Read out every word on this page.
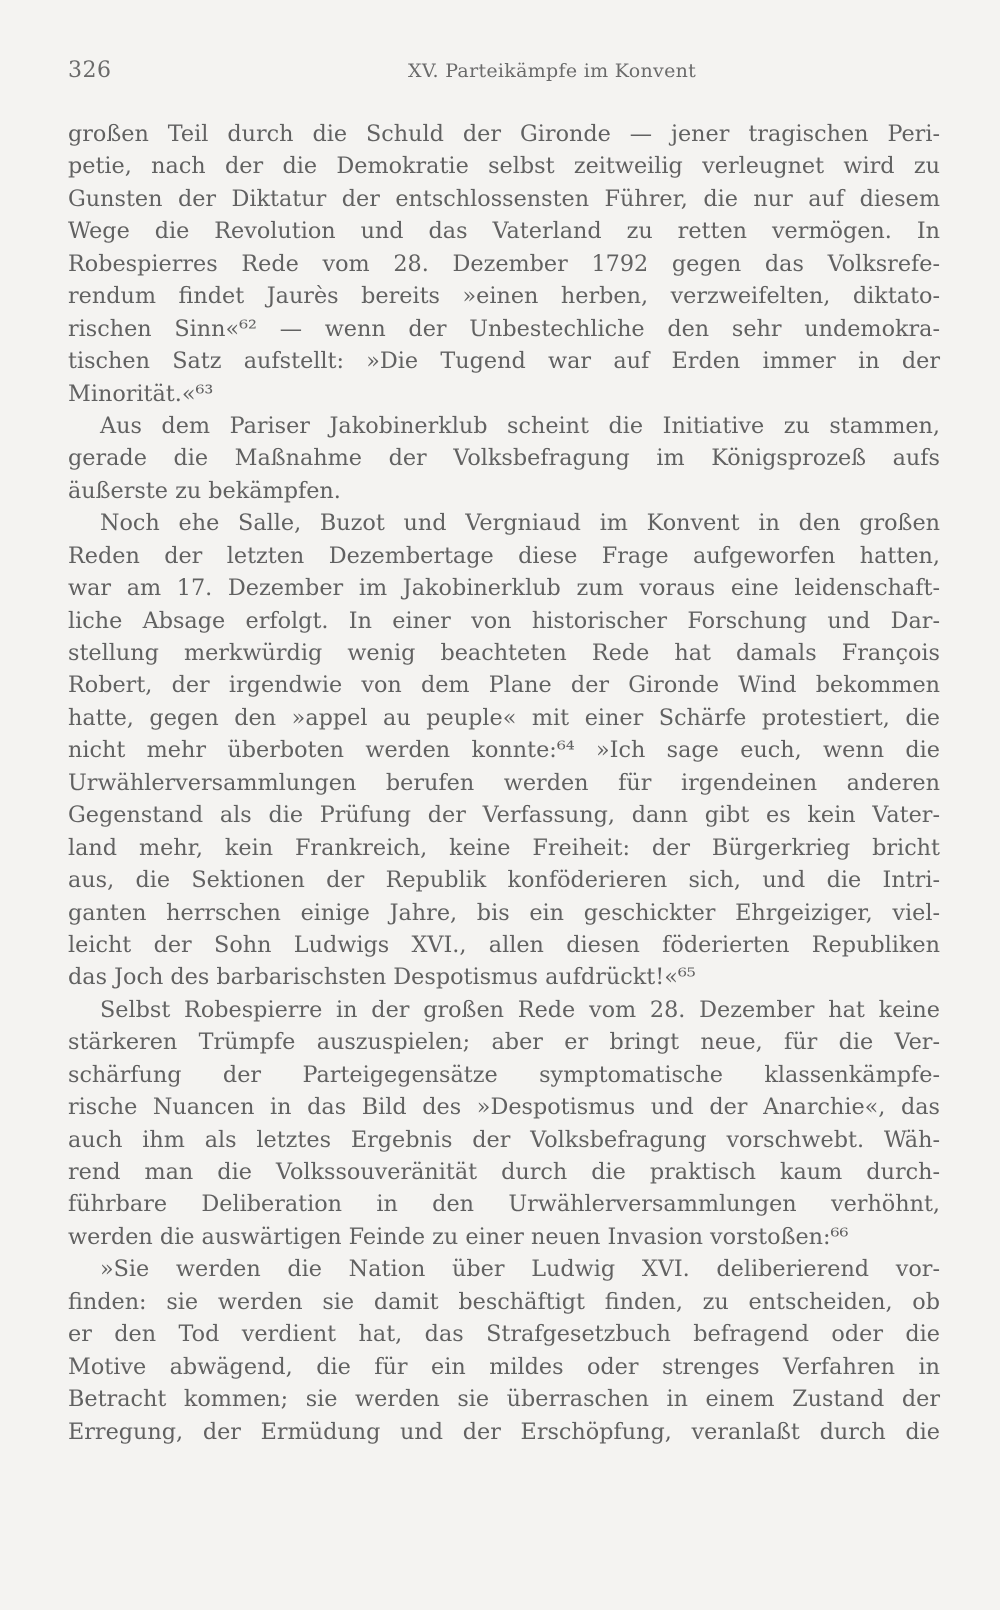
326	XV. Parteikämpfe im Konvent
großen Teil durch die Schuld der Gironde — jener tragischen Peri-
petie, nach der die Demokratie selbst zeitweilig verleugnet wird zu
Gunsten der Diktatur der entschlossensten Führer, die nur auf diesem
Wege die Revolution und das Vaterland zu retten vermögen. In
Robespierres Rede vom 28. Dezember 1792 gegen das Volksrefe-
rendum findet Jaurès bereits »einen herben, verzweifelten, diktato-
rischen Sinn«⁶² — wenn der Unbestechliche den sehr undemokra-
tischen Satz aufstellt: »Die Tugend war auf Erden immer in der
Minorität.«⁶³
Aus dem Pariser Jakobinerklub scheint die Initiative zu stammen,
gerade die Maßnahme der Volksbefragung im Königsprozeß aufs
äußerste zu bekämpfen.
Noch ehe Salle, Buzot und Vergniaud im Konvent in den großen
Reden der letzten Dezembertage diese Frage aufgeworfen hatten,
war am 17. Dezember im Jakobinerklub zum voraus eine leidenschaft-
liche Absage erfolgt. In einer von historischer Forschung und Dar-
stellung merkwürdig wenig beachteten Rede hat damals François
Robert, der irgendwie von dem Plane der Gironde Wind bekommen
hatte, gegen den »appel au peuple« mit einer Schärfe protestiert, die
nicht mehr überboten werden konnte:⁶⁴ »Ich sage euch, wenn die
Urwählerversammlungen berufen werden für irgendeinen anderen
Gegenstand als die Prüfung der Verfassung, dann gibt es kein Vater-
land mehr, kein Frankreich, keine Freiheit: der Bürgerkrieg bricht
aus, die Sektionen der Republik konföderieren sich, und die Intri-
ganten herrschen einige Jahre, bis ein geschickter Ehrgeiziger, viel-
leicht der Sohn Ludwigs XVI., allen diesen föderierten Republiken
das Joch des barbarischsten Despotismus aufdrückt!«⁶⁵
Selbst Robespierre in der großen Rede vom 28. Dezember hat keine
stärkeren Trümpfe auszuspielen; aber er bringt neue, für die Ver-
schärfung der Parteigegensätze symptomatische klassenkämpfe-
rische Nuancen in das Bild des »Despotismus und der Anarchie«, das
auch ihm als letztes Ergebnis der Volksbefragung vorschwebt. Wäh-
rend man die Volkssouveränität durch die praktisch kaum durch-
führbare Deliberation in den Urwählerversammlungen verhöhnt,
werden die auswärtigen Feinde zu einer neuen Invasion vorstoßen:⁶⁶
»Sie werden die Nation über Ludwig XVI. deliberierend vor-
finden: sie werden sie damit beschäftigt finden, zu entscheiden, ob
er den Tod verdient hat, das Strafgesetzbuch befragend oder die
Motive abwägend, die für ein mildes oder strenges Verfahren in
Betracht kommen; sie werden sie überraschen in einem Zustand der
Erregung, der Ermüdung und der Erschöpfung, veranlaßt durch die
